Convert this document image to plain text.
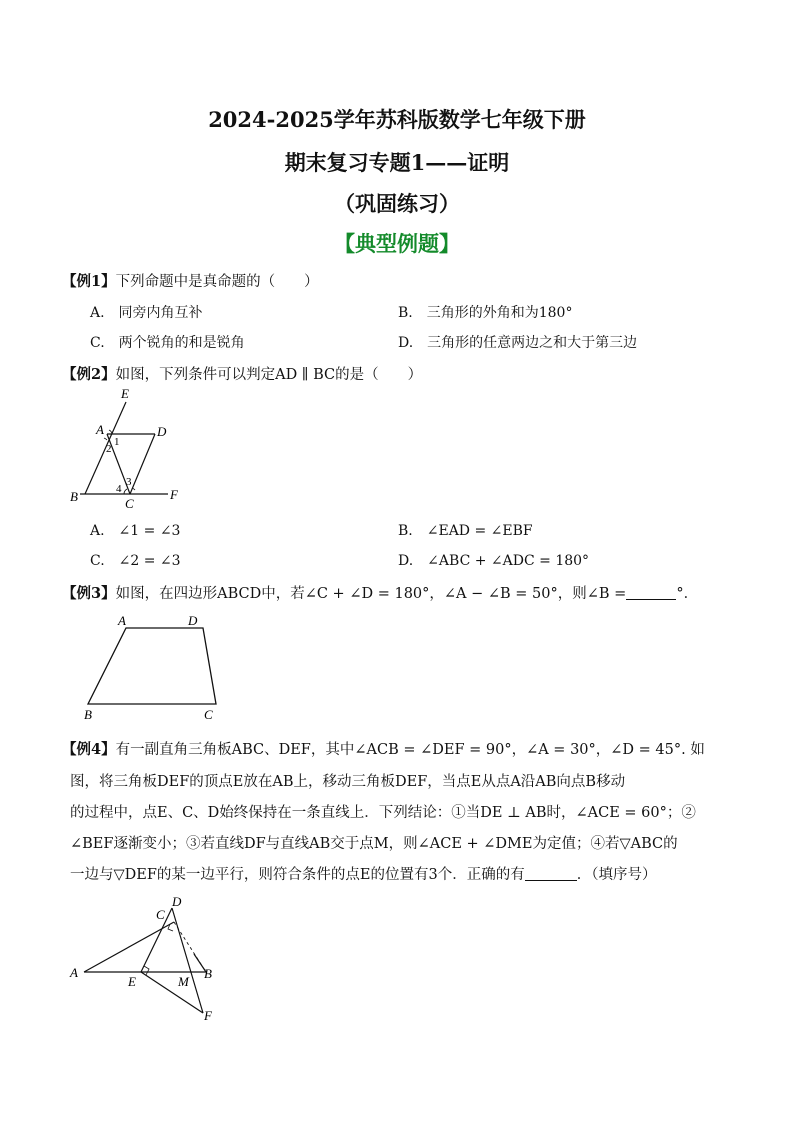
2024-2025学年苏科版数学七年级下册
期末复习专题1——证明
（巩固练习）
【典型例题】
【例1】下列命题中是真命题的（　　）
A.　同旁内角互补	B.　三角形的外角和为180°
C.　两个锐角的和是锐角	D.　三角形的任意两边之和大于第三边
【例2】如图，下列条件可以判定AD ∥ BC的是（　　）
E
A	D
1
2
3
4
B	C
F
A.　∠1 = ∠3	B.　∠EAD = ∠EBF
C.　∠2 = ∠3	D.　∠ABC + ∠ADC = 180°
【例3】如图，在四边形ABCD中，若∠C + ∠D = 180°，∠A − ∠B = 50°，则∠B =	°．
A	D
B	C
【例4】有一副直角三角板ABC、DEF，其中∠ACB = ∠DEF = 90°，∠A = 30°，∠D = 45°. 如
图，将三角板DEF的顶点E放在AB上，移动三角板DEF，当点E从点A沿AB向点B移动
的过程中，点E、C、D始终保持在一条直线上．下列结论：①当DE ⊥ AB时，∠ACE = 60°；②
∠BEF逐渐变小；③若直线DF与直线AB交于点M，则∠ACE + ∠DME为定值；④若▽ABC的
一边与▽DEF的某一边平行，则符合条件的点E的位置有3个．正确的有	．（填序号）
C
D
A	B
E	M
F
